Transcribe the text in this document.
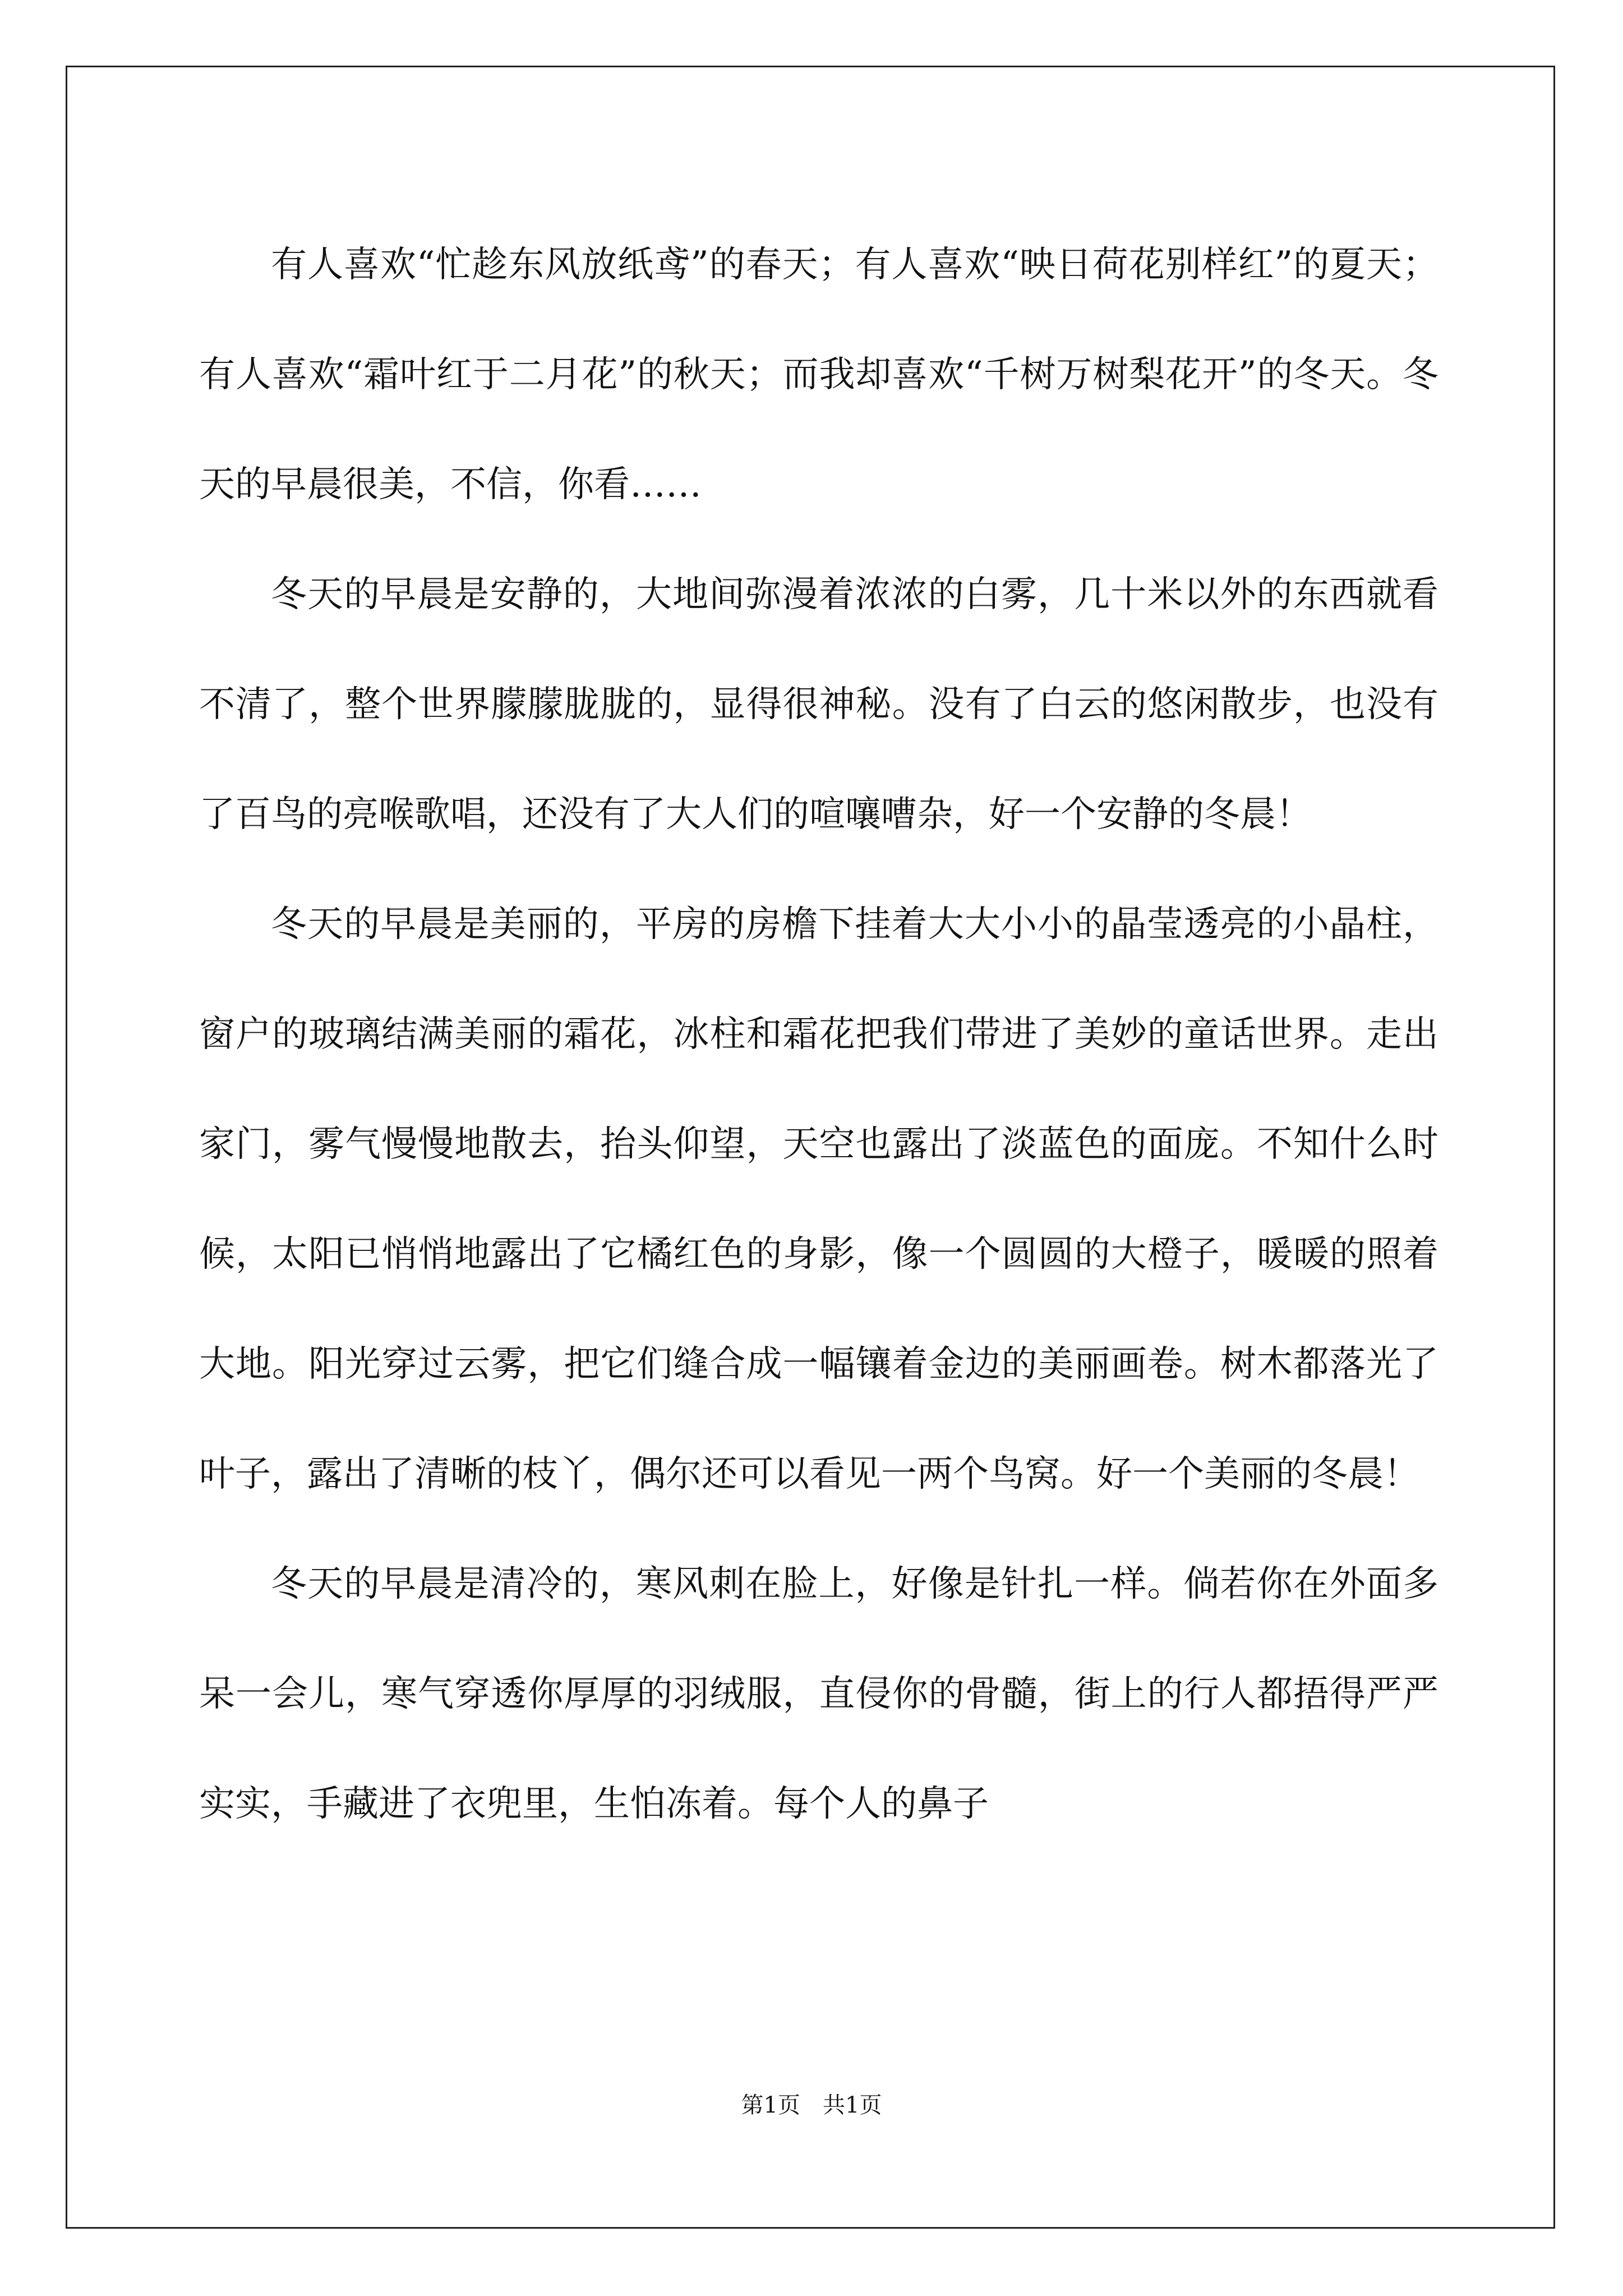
有人喜欢“忙趁东风放纸鸢”的春天；有人喜欢“映日荷花别样红”的夏天；有人喜欢“霜叶红于二月花”的秋天；而我却喜欢“千树万树梨花开”的冬天。冬天的早晨很美，不信，你看……

冬天的早晨是安静的，大地间弥漫着浓浓的白雾，几十米以外的东西就看不清了，整个世界朦朦胧胧的，显得很神秘。没有了白云的悠闲散步，也没有了百鸟的亮喉歌唱，还没有了大人们的喧嚷嘈杂，好一个安静的冬晨！

冬天的早晨是美丽的，平房的房檐下挂着大大小小的晶莹透亮的小晶柱，窗户的玻璃结满美丽的霜花，冰柱和霜花把我们带进了美妙的童话世界。走出家门，雾气慢慢地散去，抬头仰望，天空也露出了淡蓝色的面庞。不知什么时候，太阳已悄悄地露出了它橘红色的身影，像一个圆圆的大橙子，暖暖的照着大地。阳光穿过云雾，把它们缝合成一幅镶着金边的美丽画卷。树木都落光了叶子，露出了清晰的枝丫，偶尔还可以看见一两个鸟窝。好一个美丽的冬晨！

冬天的早晨是清冷的，寒风刺在脸上，好像是针扎一样。倘若你在外面多呆一会儿，寒气穿透你厚厚的羽绒服，直侵你的骨髓，街上的行人都捂得严严实实，手藏进了衣兜里，生怕冻着。每个人的鼻子

第1页　共1页
